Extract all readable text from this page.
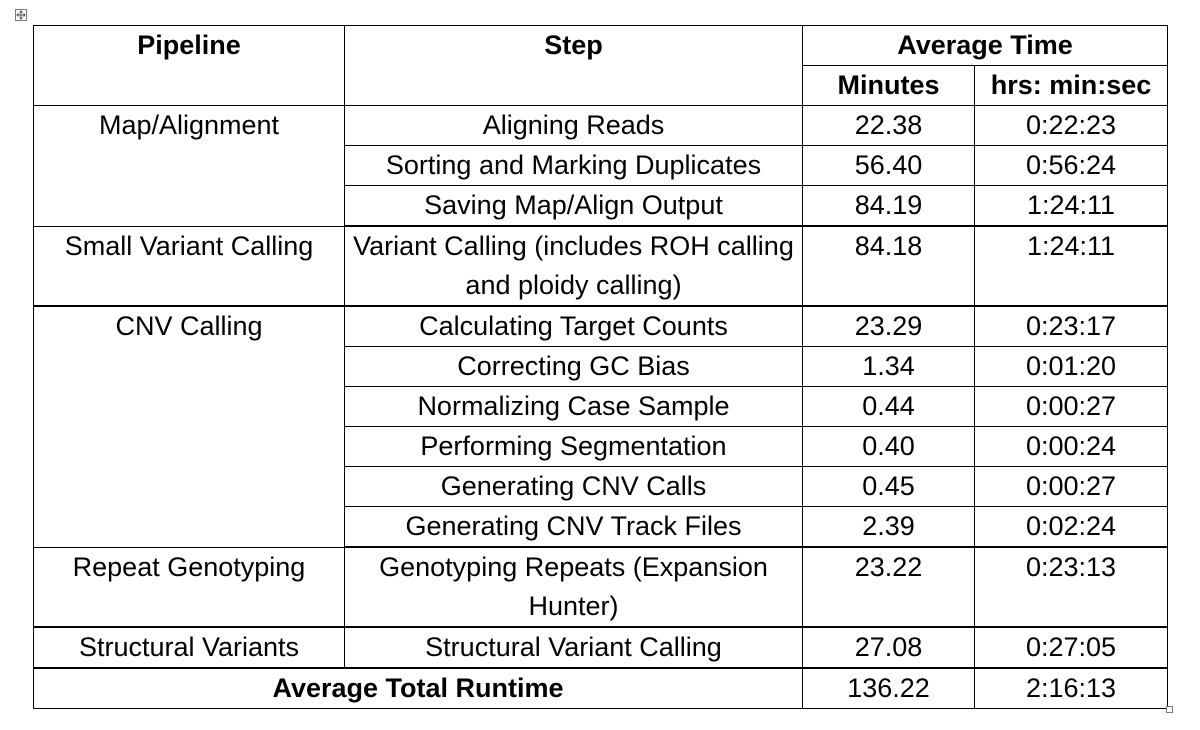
Pipeline	Step	Average Time	
		Minutes	hrs: min:sec
Map/Alignment	Aligning Reads	22.38	0:22:23
	Sorting and Marking Duplicates	56.40	0:56:24
	Saving Map/Align Output	84.19	1:24:11
Small Variant Calling	Variant Calling (includes ROH calling and ploidy calling)	84.18	1:24:11
CNV Calling	Calculating Target Counts	23.29	0:23:17
	Correcting GC Bias	1.34	0:01:20
	Normalizing Case Sample	0.44	0:00:27
	Performing Segmentation	0.40	0:00:24
	Generating CNV Calls	0.45	0:00:27
	Generating CNV Track Files	2.39	0:02:24
Repeat Genotyping	Genotyping Repeats (Expansion Hunter)	23.22	0:23:13
Structural Variants	Structural Variant Calling	27.08	0:27:05
Average Total Runtime		136.22	2:16:13
